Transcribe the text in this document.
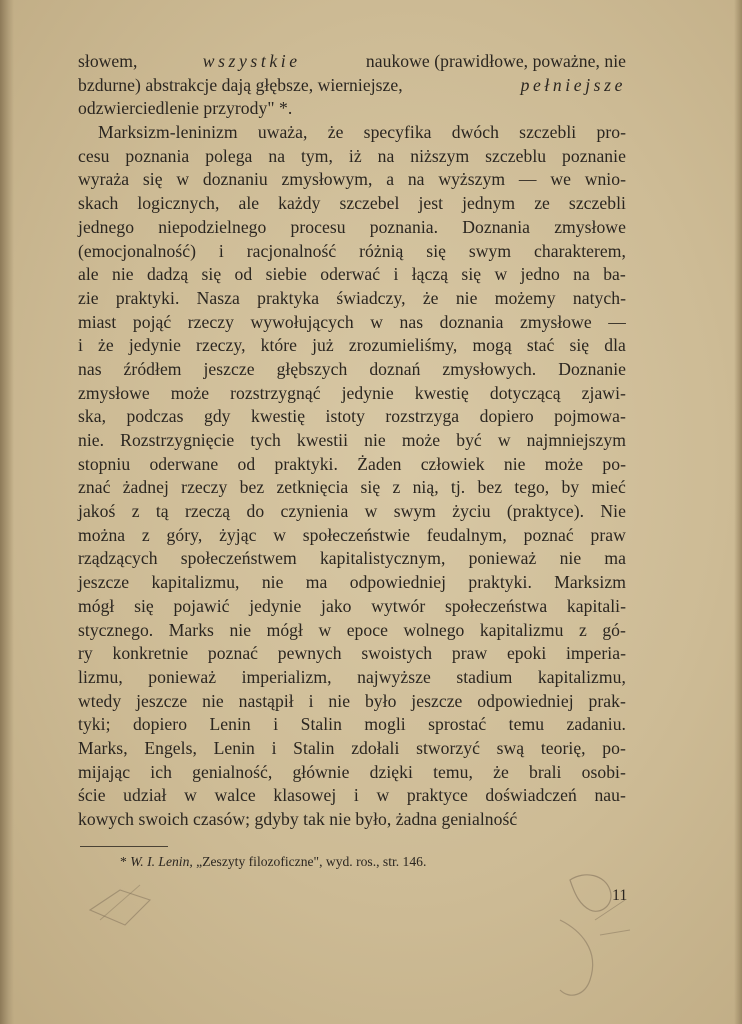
słowem,	wszystkie	naukowe (prawidłowe, poważne, nie
bzdurne) abstrakcje dają głębsze, wierniejsze,	pełniejsze
odzwierciedlenie przyrody" *.
Marksizm-leninizm uważa, że specyfika dwóch szczebli pro-
cesu poznania polega na tym, iż na niższym szczeblu poznanie
wyraża się w doznaniu zmysłowym, a na wyższym — we wnio-
skach logicznych, ale każdy szczebel jest jednym ze szczebli
jednego niepodzielnego procesu poznania. Doznania zmysłowe
(emocjonalność) i racjonalność różnią się swym charakterem,
ale nie dadzą się od siebie oderwać i łączą się w jedno na ba-
zie praktyki. Nasza praktyka świadczy, że nie możemy natych-
miast pojąć rzeczy wywołujących w nas doznania zmysłowe —
i że jedynie rzeczy, które już zrozumieliśmy, mogą stać się dla
nas źródłem jeszcze głębszych doznań zmysłowych. Doznanie
zmysłowe może rozstrzygnąć jedynie kwestię dotyczącą zjawi-
ska, podczas gdy kwestię istoty rozstrzyga dopiero pojmowa-
nie. Rozstrzygnięcie tych kwestii nie może być w najmniejszym
stopniu oderwane od praktyki. Żaden człowiek nie może po-
znać żadnej rzeczy bez zetknięcia się z nią, tj. bez tego, by mieć
jakoś z tą rzeczą do czynienia w swym życiu (praktyce). Nie
można z góry, żyjąc w społeczeństwie feudalnym, poznać praw
rządzących społeczeństwem kapitalistycznym, ponieważ nie ma
jeszcze kapitalizmu, nie ma odpowiedniej praktyki. Marksizm
mógł się pojawić jedynie jako wytwór społeczeństwa kapitali-
stycznego. Marks nie mógł w epoce wolnego kapitalizmu z gó-
ry konkretnie poznać pewnych swoistych praw epoki imperia-
lizmu, ponieważ imperializm, najwyższe stadium kapitalizmu,
wtedy jeszcze nie nastąpił i nie było jeszcze odpowiedniej prak-
tyki; dopiero Lenin i Stalin mogli sprostać temu zadaniu.
Marks, Engels, Lenin i Stalin zdołali stworzyć swą teorię, po-
mijając ich genialność, głównie dzięki temu, że brali osobi-
ście udział w walce klasowej i w praktyce doświadczeń nau-
kowych swoich czasów; gdyby tak nie było, żadna genialność
* W. I. Lenin, „Zeszyty filozoficzne", wyd. ros., str. 146.
11
